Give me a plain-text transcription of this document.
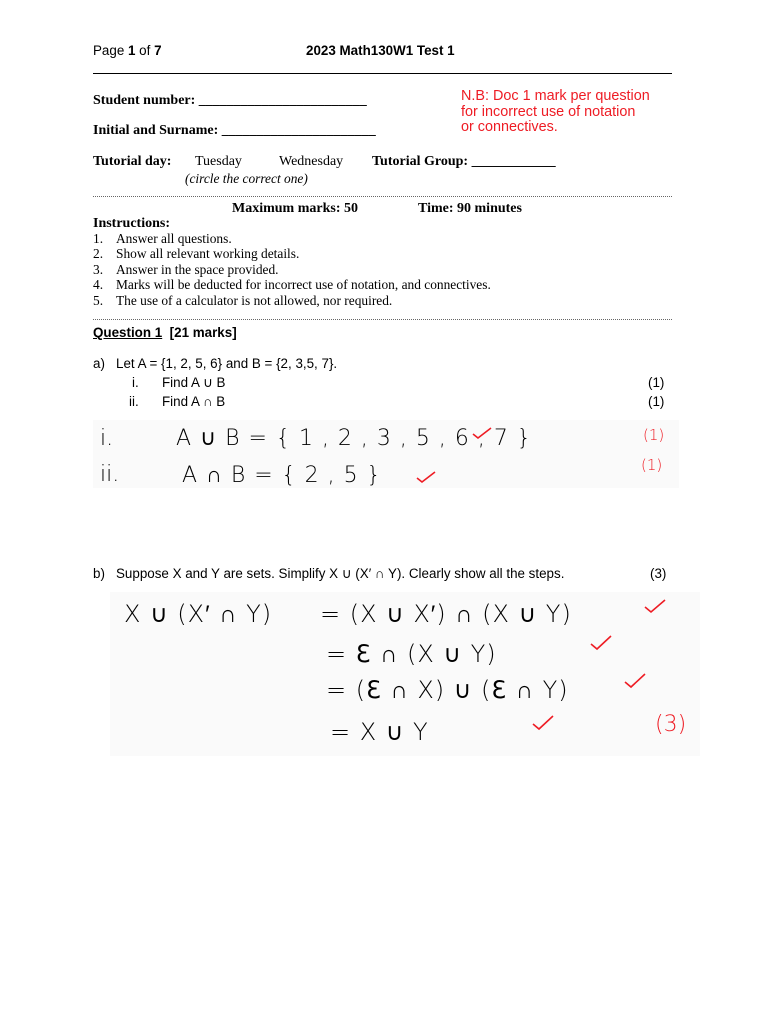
Page 1 of 7	2023 Math130W1 Test 1
Student number: ________________________
Initial and Surname: ______________________
Tutorial day: Tuesday	Wednesday Tutorial Group: ____________
(circle the correct one)
N.B: Doc 1 mark per question
for incorrect use of notation
or connectives.
Maximum marks: 50	Time: 90 minutes
Instructions:
1. Answer all questions.
2. Show all relevant working details.
3. Answer in the space provided.
4. Marks will be deducted for incorrect use of notation, and connectives.
5. The use of a calculator is not allowed, nor required.
Question 1 [21 marks]
a) Let A = {1, 2, 5, 6} and B = {2, 3,5, 7}.
i. Find A ∪ B	(1)
ii. Find A ∩ B	(1)
i.	A ∪ B = { 1 , 2 , 3 , 5 , 6 , 7 }	(1)
ii.	A ∩ B = { 2 , 5 }	(1)
b) Suppose X and Y are sets. Simplify X ∪ (X′ ∩ Y). Clearly show all the steps.	(3)
X ∪ (X′ ∩ Y) = (X ∪ X′) ∩ (X ∪ Y)
= ℇ ∩ (X ∪ Y)
= (ℇ ∩ X) ∪ (ℇ ∩ Y)
= X ∪ Y	(3)
